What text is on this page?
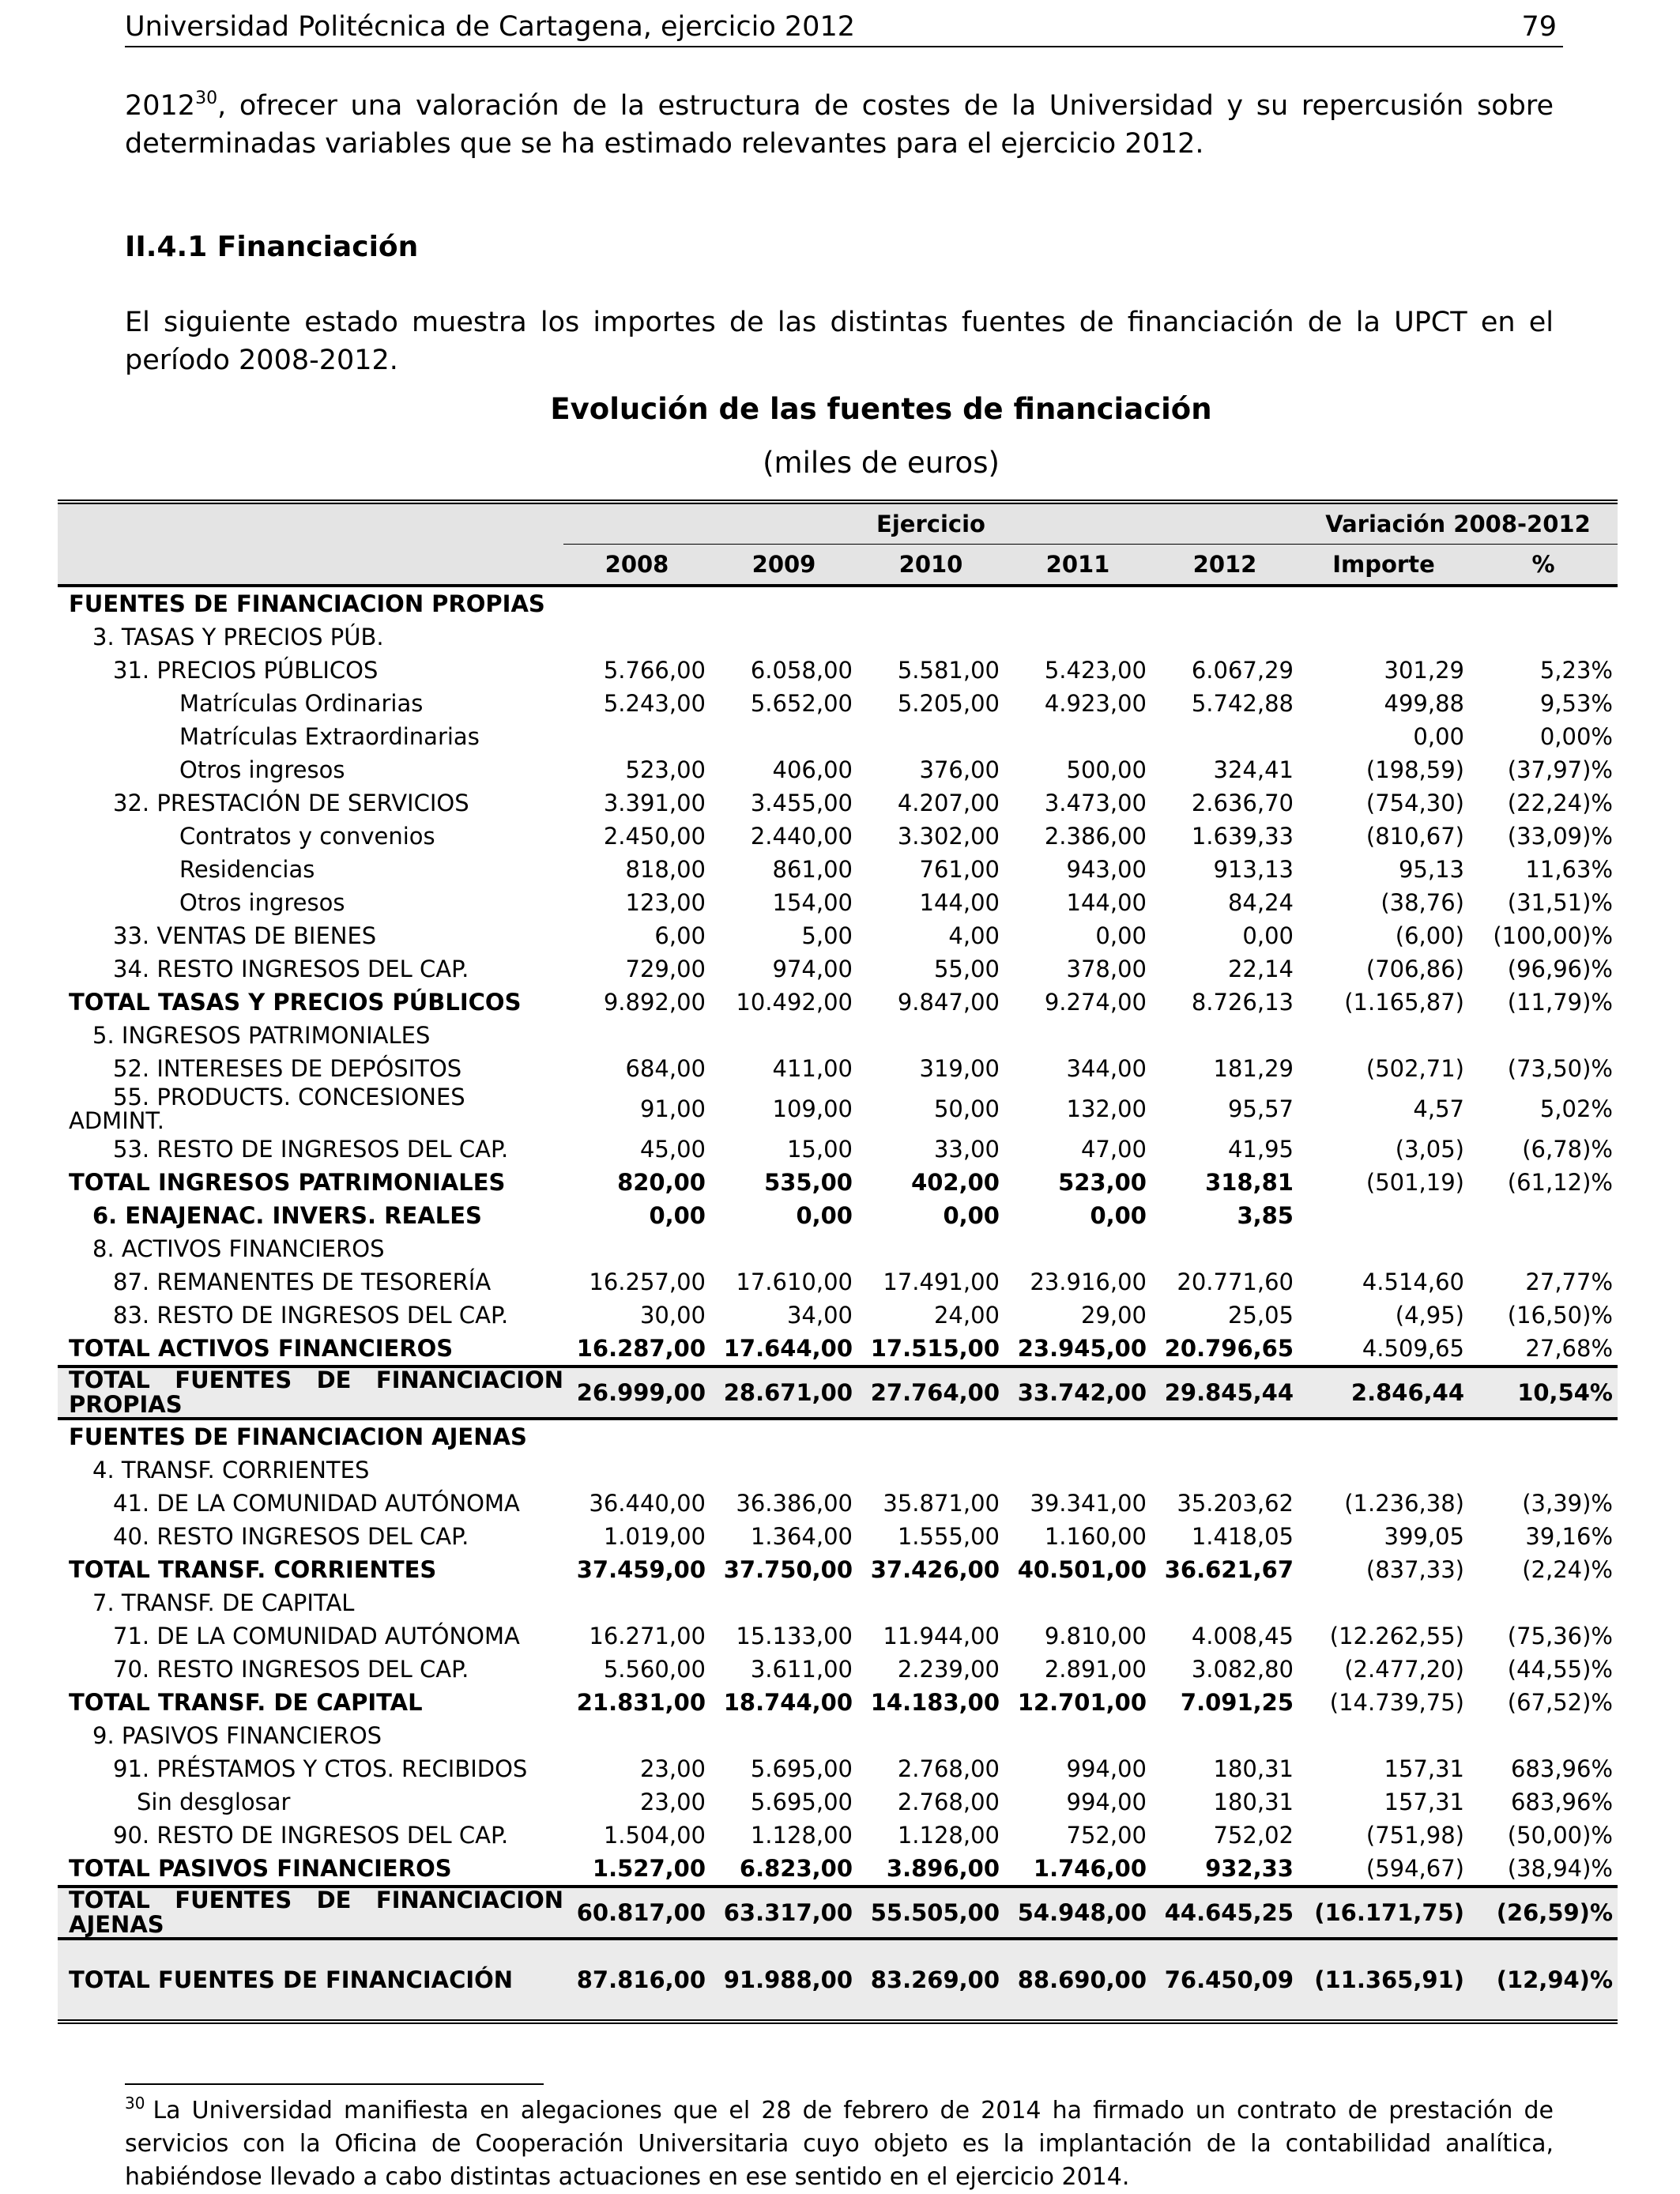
Universidad Politécnica de Cartagena, ejercicio 2012	79
2012$^{30}$, ofrecer una valoración de la estructura de costes de la Universidad y su repercusión sobre determinadas variables que se ha estimado relevantes para el ejercicio 2012.
II.4.1 Financiación
El siguiente estado muestra los importes de las distintas fuentes de financiación de la UPCT en el período 2008-2012.
Evolución de las fuentes de financiación
(miles de euros)
	Ejercicio					Variación 2008-2012	
	2008	2009	2010	2011	2012	Importe	%
FUENTES DE FINANCIACION PROPIAS							
3. TASAS Y PRECIOS PÚB.							
31. PRECIOS PÚBLICOS	5.766,00	6.058,00	5.581,00	5.423,00	6.067,29	301,29	5,23%
Matrículas Ordinarias	5.243,00	5.652,00	5.205,00	4.923,00	5.742,88	499,88	9,53%
Matrículas Extraordinarias						0,00	0,00%
Otros ingresos	523,00	406,00	376,00	500,00	324,41	(198,59)	(37,97)%
32. PRESTACIÓN DE SERVICIOS	3.391,00	3.455,00	4.207,00	3.473,00	2.636,70	(754,30)	(22,24)%
Contratos y convenios	2.450,00	2.440,00	3.302,00	2.386,00	1.639,33	(810,67)	(33,09)%
Residencias	818,00	861,00	761,00	943,00	913,13	95,13	11,63%
Otros ingresos	123,00	154,00	144,00	144,00	84,24	(38,76)	(31,51)%
33. VENTAS DE BIENES	6,00	5,00	4,00	0,00	0,00	(6,00)	(100,00)%
34. RESTO INGRESOS DEL CAP.	729,00	974,00	55,00	378,00	22,14	(706,86)	(96,96)%
TOTAL TASAS Y PRECIOS PÚBLICOS	9.892,00	10.492,00	9.847,00	9.274,00	8.726,13	(1.165,87)	(11,79)%
5. INGRESOS PATRIMONIALES							
52. INTERESES DE DEPÓSITOS	684,00	411,00	319,00	344,00	181,29	(502,71)	(73,50)%

55. PRODUCTS. CONCESIONES
ADMINT.	91,00	109,00	50,00	132,00	95,57	4,57	5,02%
53. RESTO DE INGRESOS DEL CAP.	45,00	15,00	33,00	47,00	41,95	(3,05)	(6,78)%
TOTAL INGRESOS PATRIMONIALES	820,00	535,00	402,00	523,00	318,81	(501,19)	(61,12)%
6. ENAJENAC. INVERS. REALES	0,00	0,00	0,00	0,00	3,85		
8. ACTIVOS FINANCIEROS							
87. REMANENTES DE TESORERÍA	16.257,00	17.610,00	17.491,00	23.916,00	20.771,60	4.514,60	27,77%
83. RESTO DE INGRESOS DEL CAP.	30,00	34,00	24,00	29,00	25,05	(4,95)	(16,50)%
TOTAL ACTIVOS FINANCIEROS	16.287,00	17.644,00	17.515,00	23.945,00	20.796,65	4.509,65	27,68%
TOTAL FUENTES DE FINANCIACION PROPIAS	26.999,00	28.671,00	27.764,00	33.742,00	29.845,44	2.846,44	10,54%
FUENTES DE FINANCIACION AJENAS							
4. TRANSF. CORRIENTES							
41. DE LA COMUNIDAD AUTÓNOMA	36.440,00	36.386,00	35.871,00	39.341,00	35.203,62	(1.236,38)	(3,39)%
40. RESTO INGRESOS DEL CAP.	1.019,00	1.364,00	1.555,00	1.160,00	1.418,05	399,05	39,16%
TOTAL TRANSF. CORRIENTES	37.459,00	37.750,00	37.426,00	40.501,00	36.621,67	(837,33)	(2,24)%
7. TRANSF. DE CAPITAL							
71. DE LA COMUNIDAD AUTÓNOMA	16.271,00	15.133,00	11.944,00	9.810,00	4.008,45	(12.262,55)	(75,36)%
70. RESTO INGRESOS DEL CAP.	5.560,00	3.611,00	2.239,00	2.891,00	3.082,80	(2.477,20)	(44,55)%
TOTAL TRANSF. DE CAPITAL	21.831,00	18.744,00	14.183,00	12.701,00	7.091,25	(14.739,75)	(67,52)%
9. PASIVOS FINANCIEROS							
91. PRÉSTAMOS Y CTOS. RECIBIDOS	23,00	5.695,00	2.768,00	994,00	180,31	157,31	683,96%
Sin desglosar	23,00	5.695,00	2.768,00	994,00	180,31	157,31	683,96%
90. RESTO DE INGRESOS DEL CAP.	1.504,00	1.128,00	1.128,00	752,00	752,02	(751,98)	(50,00)%
TOTAL PASIVOS FINANCIEROS	1.527,00	6.823,00	3.896,00	1.746,00	932,33	(594,67)	(38,94)%
TOTAL FUENTES DE FINANCIACION AJENAS	60.817,00	63.317,00	55.505,00	54.948,00	44.645,25	(16.171,75)	(26,59)%
TOTAL FUENTES DE FINANCIACIÓN	87.816,00	91.988,00	83.269,00	88.690,00	76.450,09	(11.365,91)	(12,94)%
$^{30}$ La Universidad manifiesta en alegaciones que el 28 de febrero de 2014 ha firmado un contrato de prestación de servicios con la Oficina de Cooperación Universitaria cuyo objeto es la implantación de la contabilidad analítica, habiéndose llevado a cabo distintas actuaciones en ese sentido en el ejercicio 2014.
